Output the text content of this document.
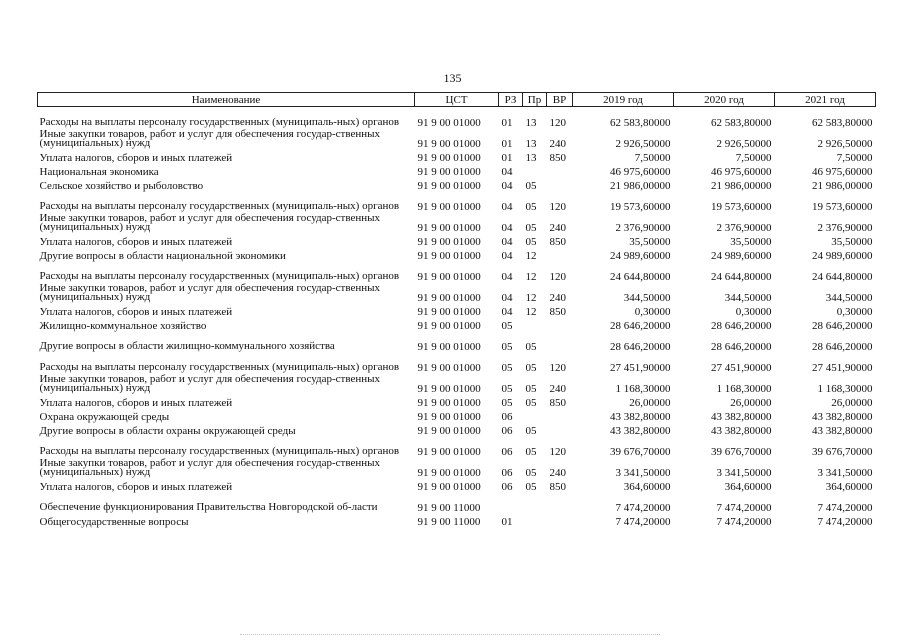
135
Наименование	ЦСТ	РЗ	Пр	ВР	2019 год	2020 год	2021 год
Расходы на выплаты персоналу государственных (муниципаль-ных) органов	91 9 00 01000	01	13	120	62 583,80000	62 583,80000	62 583,80000
Иные закупки товаров, работ и услуг для обеспечения государ-ственных (муниципальных) нужд	91 9 00 01000	01	13	240	2 926,50000	2 926,50000	2 926,50000
Уплата налогов, сборов и иных платежей	91 9 00 01000	01	13	850	7,50000	7,50000	7,50000
Национальная экономика	91 9 00 01000	04			46 975,60000	46 975,60000	46 975,60000
Сельское хозяйство и рыболовство	91 9 00 01000	04	05		21 986,00000	21 986,00000	21 986,00000
Расходы на выплаты персоналу государственных (муниципаль-ных) органов	91 9 00 01000	04	05	120	19 573,60000	19 573,60000	19 573,60000
Иные закупки товаров, работ и услуг для обеспечения государ-ственных (муниципальных) нужд	91 9 00 01000	04	05	240	2 376,90000	2 376,90000	2 376,90000
Уплата налогов, сборов и иных платежей	91 9 00 01000	04	05	850	35,50000	35,50000	35,50000
Другие вопросы в области национальной экономики	91 9 00 01000	04	12		24 989,60000	24 989,60000	24 989,60000
Расходы на выплаты персоналу государственных (муниципаль-ных) органов	91 9 00 01000	04	12	120	24 644,80000	24 644,80000	24 644,80000
Иные закупки товаров, работ и услуг для обеспечения государ-ственных (муниципальных) нужд	91 9 00 01000	04	12	240	344,50000	344,50000	344,50000
Уплата налогов, сборов и иных платежей	91 9 00 01000	04	12	850	0,30000	0,30000	0,30000
Жилищно-коммунальное хозяйство	91 9 00 01000	05			28 646,20000	28 646,20000	28 646,20000
Другие вопросы в области жилищно-коммунального хозяйства	91 9 00 01000	05	05		28 646,20000	28 646,20000	28 646,20000
Расходы на выплаты персоналу государственных (муниципаль-ных) органов	91 9 00 01000	05	05	120	27 451,90000	27 451,90000	27 451,90000
Иные закупки товаров, работ и услуг для обеспечения государ-ственных (муниципальных) нужд	91 9 00 01000	05	05	240	1 168,30000	1 168,30000	1 168,30000
Уплата налогов, сборов и иных платежей	91 9 00 01000	05	05	850	26,00000	26,00000	26,00000
Охрана окружающей среды	91 9 00 01000	06			43 382,80000	43 382,80000	43 382,80000
Другие вопросы в области охраны окружающей среды	91 9 00 01000	06	05		43 382,80000	43 382,80000	43 382,80000
Расходы на выплаты персоналу государственных (муниципаль-ных) органов	91 9 00 01000	06	05	120	39 676,70000	39 676,70000	39 676,70000
Иные закупки товаров, работ и услуг для обеспечения государ-ственных (муниципальных) нужд	91 9 00 01000	06	05	240	3 341,50000	3 341,50000	3 341,50000
Уплата налогов, сборов и иных платежей	91 9 00 01000	06	05	850	364,60000	364,60000	364,60000
Обеспечение функционирования Правительства Новгородской об-ласти	91 9 00 11000				7 474,20000	7 474,20000	7 474,20000
Общегосударственные вопросы	91 9 00 11000	01			7 474,20000	7 474,20000	7 474,20000
